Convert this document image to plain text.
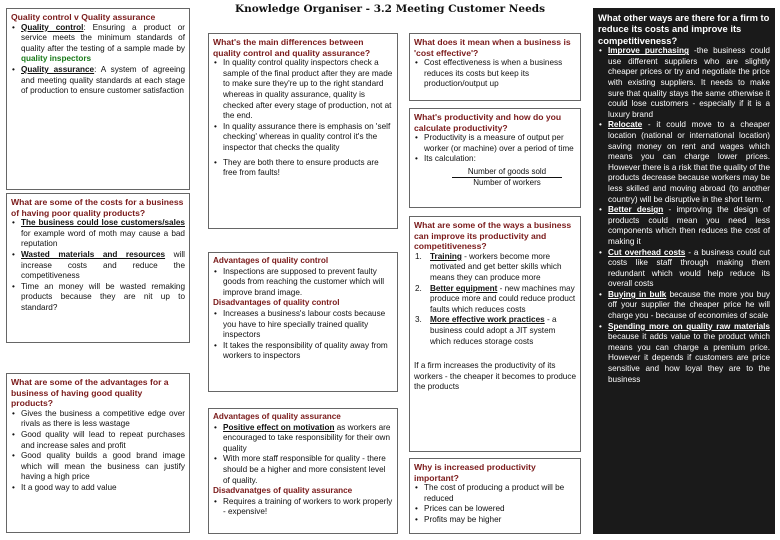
Knowledge Organiser - 3.2 Meeting Customer Needs
Quality control v Quality assurance
• Quality control: Ensuring a product or service meets the minimum standards of quality after the testing of a sample made by quality inspectors
• Quality assurance: A system of agreeing and meeting quality standards at each stage of production to ensure customer satisfaction
What are some of the costs for a business of having poor quality products?
• The business could lose customers/sales for example word of moth may cause a bad reputation
• Wasted materials and resources will increase costs and reduce the competitiveness
• Time an money will be wasted remaking products because they are nit up to standard?
What are some of the advantages for a business of having good quality products?
• Gives the business a competitive edge over rivals as there is less wastage
• Good quality will lead to repeat purchases and increase sales and profit
• Good quality builds a good brand image which will mean the business can justify having a high price
• It a good way to add value
What's the main differences between quality control and quality assurance?
• In quality control quality inspectors check a sample of the final product after they are made to make sure they're up to the right standard whereas in quality assurance, quality is checked after every stage of production, not at the end.
• In quality assurance there is emphasis on 'self checking' whereas in quality control it's the inspector that checks the quality
• They are both there to ensure products are free from faults!
Advantages of quality control
• Inspections are supposed to prevent faulty goods from reaching the customer which will improve brand image.
Disadvantages of quality control
• Increases a business's labour costs because you have to hire specially trained quality inspectors
• It takes the responsibility of quality away from workers to inspectors
Advantages of quality assurance
• Positive effect on motivation as workers are encouraged to take responsibility for their own quality
• With more staff responsible for quality - there should be a higher and more consistent level of quality.
Disadvanatges of quality assurance
• Requires a training of workers to work properly - expensive!
What does it mean when a business is 'cost effective'?
• Cost effectiveness is when a business reduces its costs but keep its production/output up
What's productivity and how do you calculate productivity?
• Productivity is a measure of output per worker (or machine) over a period of time
• Its calculation:
Number of goods sold
Number of workers
What are some of the ways a business can improve its productivity and competitiveness?
1. Training - workers become more motivated and get better skills which means they can produce more
2. Better equipment - new machines may produce more and could reduce product faults which reduces costs
3. More effective work practices - a business could adopt a JIT system which reduces storage costs
If a firm increases the productivity of its workers - the cheaper it becomes to produce the products
Why is increased productivity important?
• The cost of producing a product will be reduced
• Prices can be lowered
• Profits may be higher
What other ways are there for a firm to reduce its costs and improve its competitiveness?
• Improve purchasing -the business could use different suppliers who are slightly cheaper prices or try and negotiate the price with existing suppliers. It needs to make sure that quality stays the same otherwise it could lose customers - especially if it is a luxury brand
• Relocate - it could move to a cheaper location (national or international location) saving money on rent and wages which means you can charge lower prices. However there is a risk that the quality of the products decrease because workers may be less skilled and moving abroad (to another country) will be disruptive in the short term.
• Better design - improving the design of products could mean you need less components which then reduces the cost of making it
• Cut overhead costs - a business could cut costs like staff through making them redundant which would help reduce its overall costs
• Buying in bulk because the more you buy off your supplier the cheaper price he will charge you - because of economies of scale
• Spending more on quality raw materials because it adds value to the product which means you can charge a premium price. However it depends if customers are price sensitive and how loyal they are to the business
